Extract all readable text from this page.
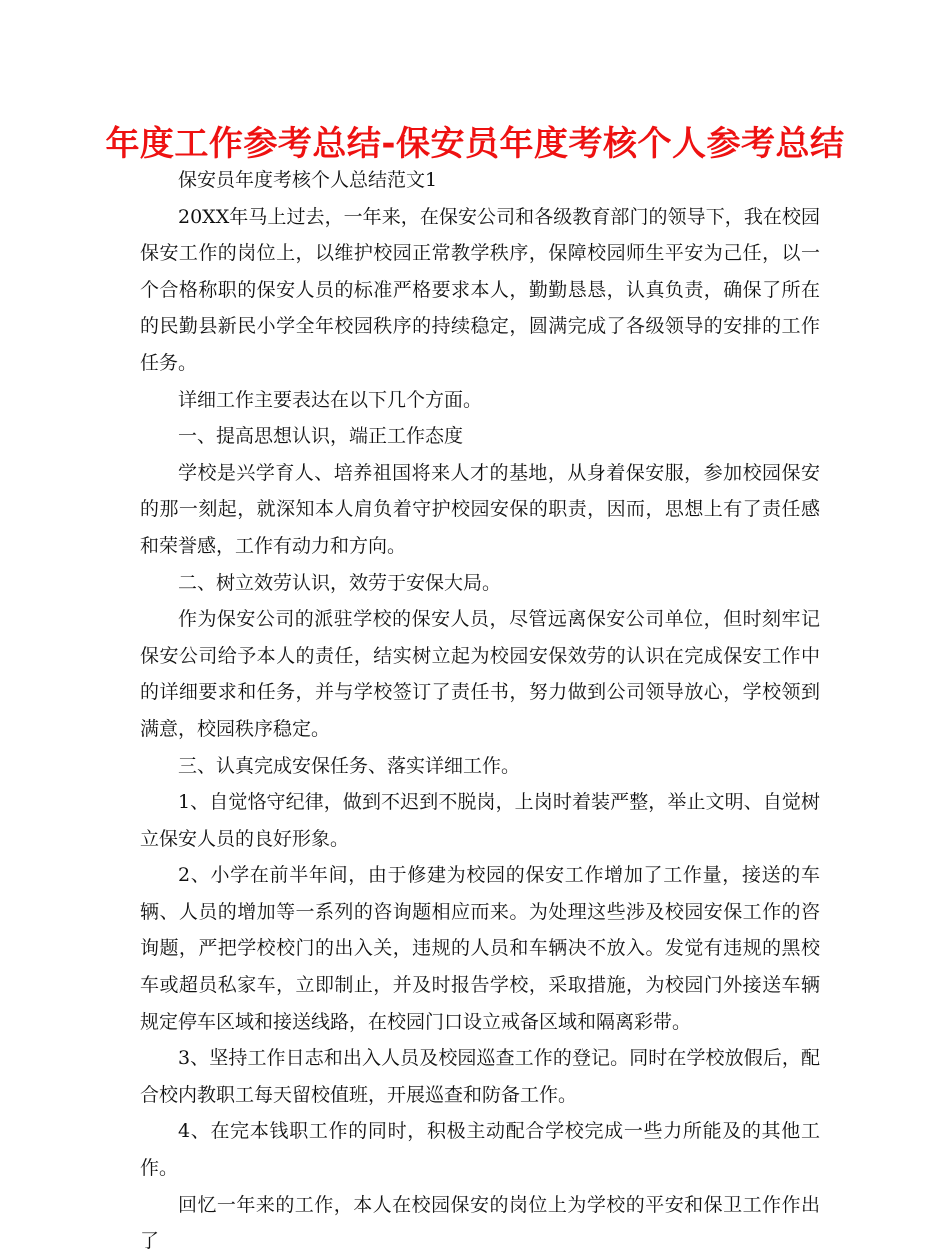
年度工作参考总结-保安员年度考核个人参考总结

保安员年度考核个人总结范文1

20XX年马上过去，一年来，在保安公司和各级教育部门的领导下，我在校园保安工作的岗位上，以维护校园正常教学秩序，保障校园师生平安为己任，以一个合格称职的保安人员的标准严格要求本人，勤勤恳恳，认真负责，确保了所在的民勤县新民小学全年校园秩序的持续稳定，圆满完成了各级领导的安排的工作任务。

详细工作主要表达在以下几个方面。

一、提高思想认识，端正工作态度

学校是兴学育人、培养祖国将来人才的基地，从身着保安服，参加校园保安的那一刻起，就深知本人肩负着守护校园安保的职责，因而，思想上有了责任感和荣誉感，工作有动力和方向。

二、树立效劳认识，效劳于安保大局。

作为保安公司的派驻学校的保安人员，尽管远离保安公司单位，但时刻牢记保安公司给予本人的责任，结实树立起为校园安保效劳的认识在完成保安工作中的详细要求和任务，并与学校签订了责任书，努力做到公司领导放心，学校领到满意，校园秩序稳定。

三、认真完成安保任务、落实详细工作。

1、自觉恪守纪律，做到不迟到不脱岗，上岗时着装严整，举止文明、自觉树立保安人员的良好形象。

2、小学在前半年间，由于修建为校园的保安工作增加了工作量，接送的车辆、人员的增加等一系列的咨询题相应而来。为处理这些涉及校园安保工作的咨询题，严把学校校门的出入关，违规的人员和车辆决不放入。发觉有违规的黑校车或超员私家车，立即制止，并及时报告学校，采取措施，为校园门外接送车辆规定停车区域和接送线路，在校园门口设立戒备区域和隔离彩带。

3、坚持工作日志和出入人员及校园巡查工作的登记。同时在学校放假后，配合校内教职工每天留校值班，开展巡查和防备工作。

4、在完本钱职工作的同时，积极主动配合学校完成一些力所能及的其他工作。

回忆一年来的工作，本人在校园保安的岗位上为学校的平安和保卫工作作出了
